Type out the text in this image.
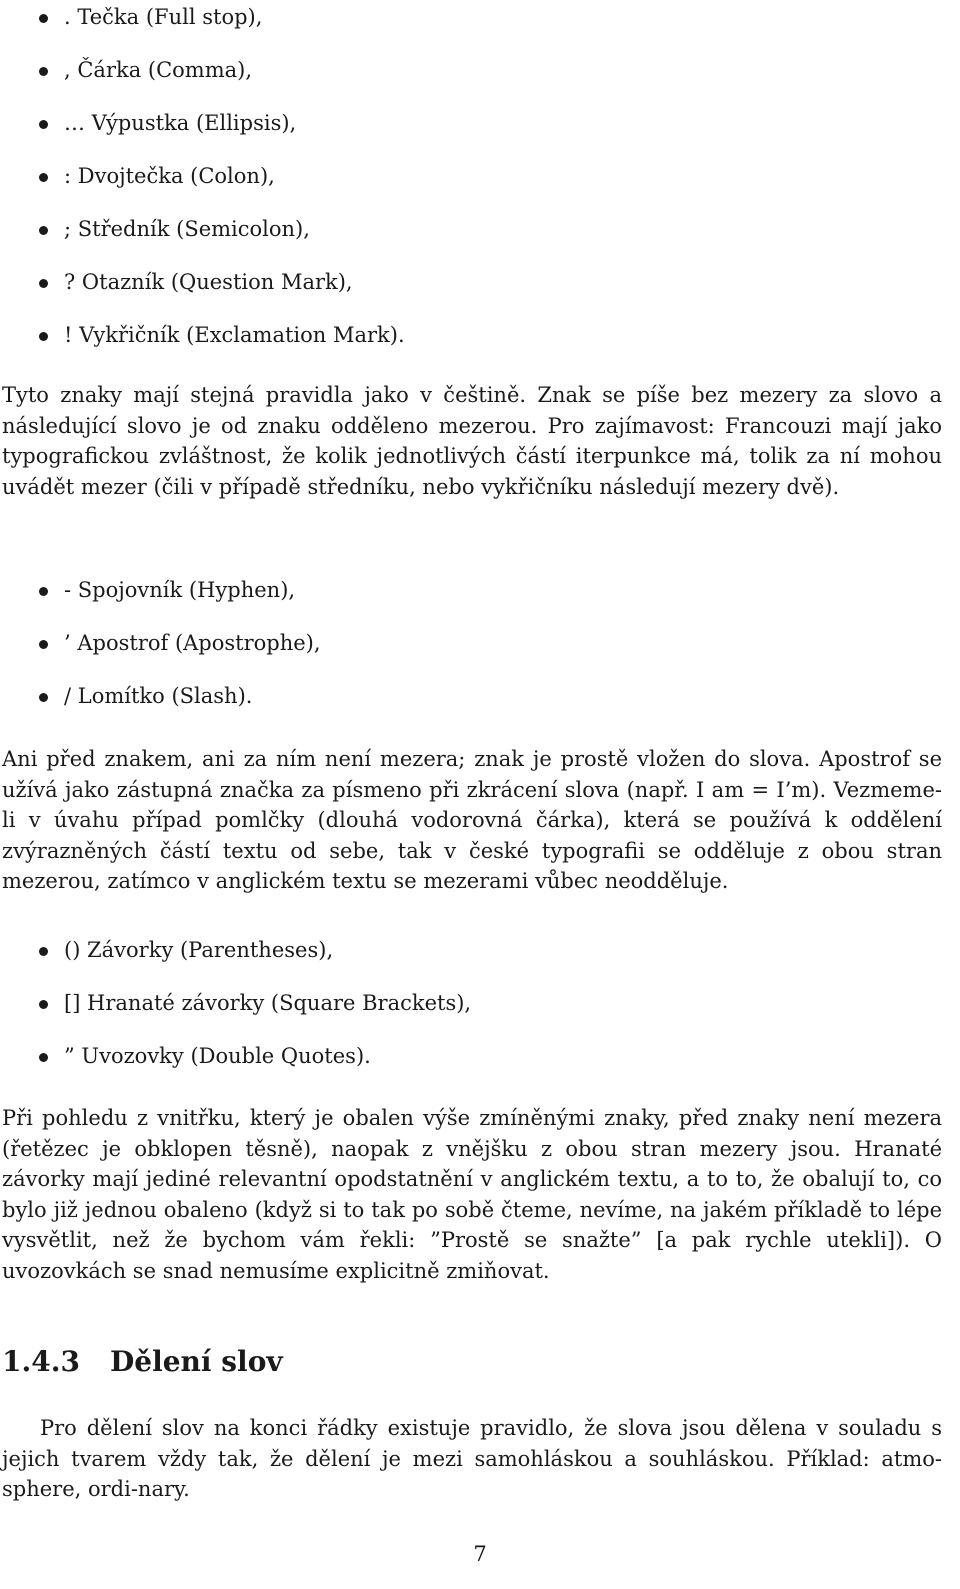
. Tečka (Full stop),
, Čárka (Comma),
… Výpustka (Ellipsis),
: Dvojtečka (Colon),
; Středník (Semicolon),
? Otazník (Question Mark),
! Vykřičník (Exclamation Mark).

Tyto znaky mají stejná pravidla jako v češtině. Znak se píše bez mezery za slovo a následující slovo je od znaku odděleno mezerou. Pro zajímavost: Francouzi mají jako typografickou zvláštnost, že kolik jednotlivých částí iterpunkce má, tolik za ní mohou uvádět mezer (čili v případě středníku, nebo vykřičníku následují mezery dvě).

- Spojovník (Hyphen),
’ Apostrof (Apostrophe),
/ Lomítko (Slash).

Ani před znakem, ani za ním není mezera; znak je prostě vložen do slova. Apostrof se užívá jako zástupná značka za písmeno při zkrácení slova (např. I am = I’m). Vezmeme-li v úvahu případ pomlčky (dlouhá vodorovná čárka), která se používá k oddělení zvýrazněných částí textu od sebe, tak v české typografii se odděluje z obou stran mezerou, zatímco v anglickém textu se mezerami vůbec neodděluje.

() Závorky (Parentheses),
[] Hranaté závorky (Square Brackets),
” Uvozovky (Double Quotes).

Při pohledu z vnitřku, který je obalen výše zmíněnými znaky, před znaky není mezera (řetězec je obklopen těsně), naopak z vnějšku z obou stran mezery jsou. Hranaté závorky mají jediné relevantní opodstatnění v anglickém textu, a to to, že obalují to, co bylo již jednou obaleno (když si to tak po sobě čteme, nevíme, na jakém příkladě to lépe vysvětlit, než že bychom vám řekli: ”Prostě se snažte” [a pak rychle utekli]). O uvozovkách se snad nemusíme explicitně zmiňovat.

1.4.3 Dělení slov

Pro dělení slov na konci řádky existuje pravidlo, že slova jsou dělena v souladu s jejich tvarem vždy tak, že dělení je mezi samohláskou a souhláskou. Příklad: atmo-sphere, ordi-nary.

7
